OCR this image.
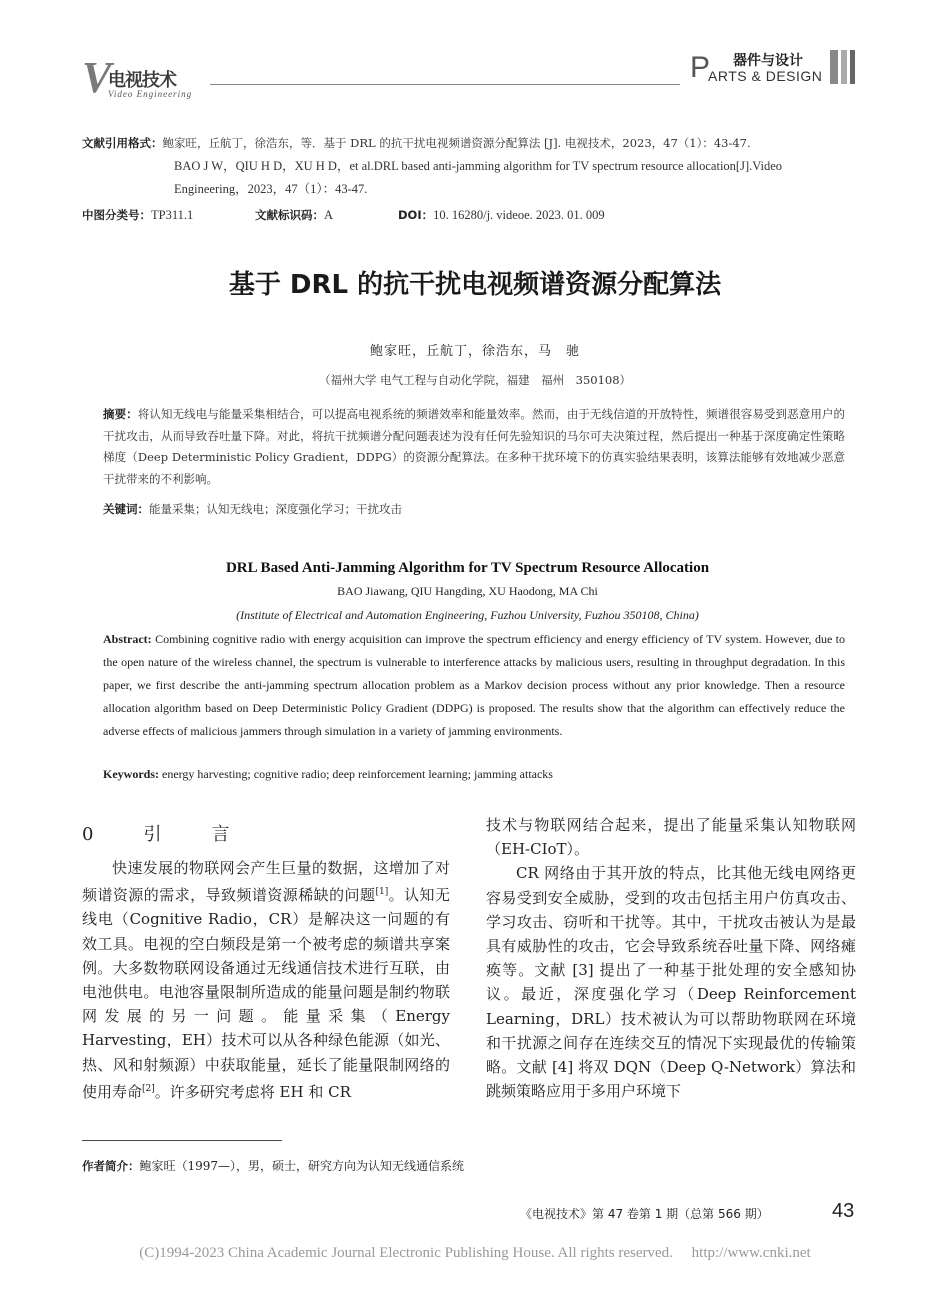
V
电视技术
Video Engineering
器件与设计
P
ARTS & DESIGN
文献引用格式：鲍家旺，丘航丁，徐浩东，等．基于 DRL 的抗干扰电视频谱资源分配算法 [J]. 电视技术，2023，47（1）：43-47.
BAO J W，QIU H D，XU H D，et al.DRL based anti-jamming algorithm for TV spectrum resource allocation[J].Video
Engineering，2023，47（1）：43-47.
中图分类号：TP311.1	文献标识码：A	DOI：10. 16280/j. videoe. 2023. 01. 009
基于 DRL 的抗干扰电视频谱资源分配算法
鲍家旺，丘航丁，徐浩东，马　驰
（福州大学 电气工程与自动化学院，福建　福州　350108）
摘要：将认知无线电与能量采集相结合，可以提高电视系统的频谱效率和能量效率。然而，由于无线信道的开放特性，频谱很容易受到恶意用户的干扰攻击，从而导致吞吐量下降。对此，将抗干扰频谱分配问题表述为没有任何先验知识的马尔可夫决策过程，然后提出一种基于深度确定性策略梯度（Deep Deterministic Policy Gradient，DDPG）的资源分配算法。在多种干扰环境下的仿真实验结果表明，该算法能够有效地减少恶意干扰带来的不利影响。
关键词：能量采集；认知无线电；深度强化学习；干扰攻击
DRL Based Anti-Jamming Algorithm for TV Spectrum Resource Allocation
BAO Jiawang, QIU Hangding, XU Haodong, MA Chi
(Institute of Electrical and Automation Engineering, Fuzhou University, Fuzhou 350108, China)
Abstract: Combining cognitive radio with energy acquisition can improve the spectrum efficiency and energy efficiency of TV system. However, due to the open nature of the wireless channel, the spectrum is vulnerable to interference attacks by malicious users, resulting in throughput degradation. In this paper, we first describe the anti-jamming spectrum allocation problem as a Markov decision process without any prior knowledge. Then a resource allocation algorithm based on Deep Deterministic Policy Gradient (DDPG) is proposed. The results show that the algorithm can effectively reduce the adverse effects of malicious jammers through simulation in a variety of jamming environments.
Keywords: energy harvesting; cognitive radio; deep reinforcement learning; jamming attacks
0　引　言
快速发展的物联网会产生巨量的数据，这增加了对频谱资源的需求，导致频谱资源稀缺的问题[1]。认知无线电（Cognitive Radio，CR）是解决这一问题的有效工具。电视的空白频段是第一个被考虑的频谱共享案例。大多数物联网设备通过无线通信技术进行互联，由电池供电。电池容量限制所造成的能量问题是制约物联网发展的另一问题。能量采集（Energy Harvesting，EH）技术可以从各种绿色能源（如光、热、风和射频源）中获取能量，延长了能量限制网络的使用寿命[2]。许多研究考虑将 EH 和 CR
技术与物联网结合起来，提出了能量采集认知物联网（EH-CIoT）。
CR 网络由于其开放的特点，比其他无线电网络更容易受到安全威胁，受到的攻击包括主用户仿真攻击、学习攻击、窃听和干扰等。其中，干扰攻击被认为是最具有威胁性的攻击，它会导致系统吞吐量下降、网络瘫痪等。文献 [3] 提出了一种基于批处理的安全感知协议。最近，深度强化学习（Deep Reinforcement Learning，DRL）技术被认为可以帮助物联网在环境和干扰源之间存在连续交互的情况下实现最优的传输策略。文献 [4] 将双 DQN（Deep Q-Network）算法和跳频策略应用于多用户环境下
作者简介：鲍家旺（1997—），男，硕士，研究方向为认知无线通信系统
《电视技术》第 47 卷第 1 期（总第 566 期）	43
(C)1994-2023 China Academic Journal Electronic Publishing House. All rights reserved.　 http://www.cnki.net
